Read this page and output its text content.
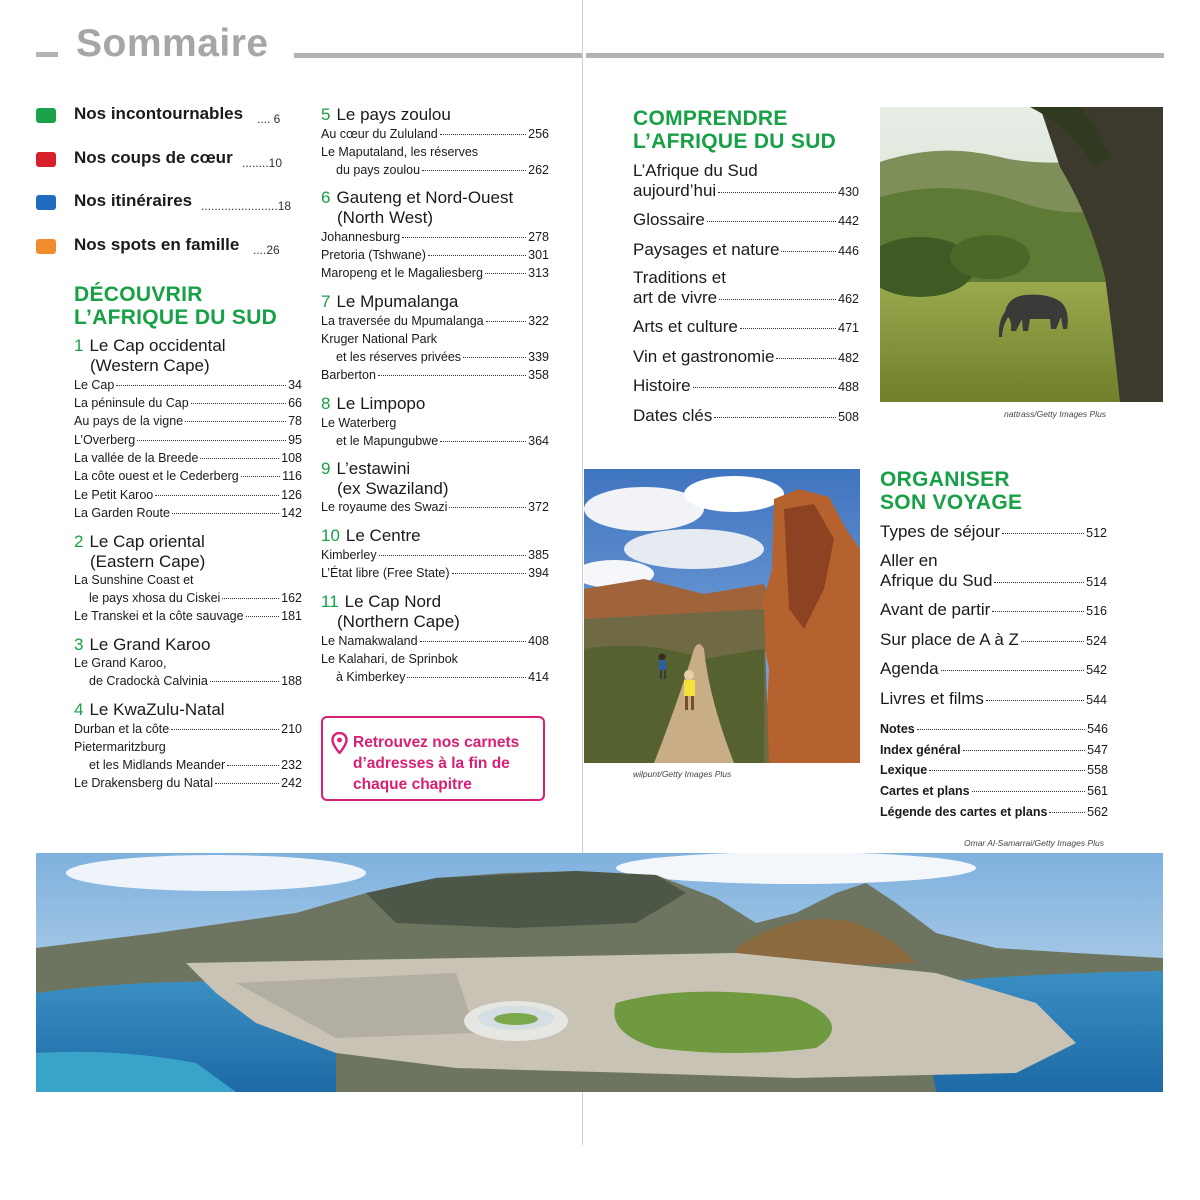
Sommaire
Nos incontournables .... 6
Nos coups de cœur ........ 10
Nos itinéraires ....................... 18
Nos spots en famille .... 26
DÉCOUVRIR
L’AFRIQUE DU SUD
1 Le Cap occidental
(Western Cape)
Le Cap	34
La péninsule du Cap	66
Au pays de la vigne	78
L’Overberg	95
La vallée de la Breede	108
La côte ouest et le Cederberg	116
Le Petit Karoo	126
La Garden Route	142
2 Le Cap oriental
(Eastern Cape)
La Sunshine Coast et
le pays xhosa du Ciskei	162
Le Transkei et la côte sauvage	181
3 Le Grand Karoo
Le Grand Karoo,
de Cradockà Calvinia	188
4 Le KwaZulu-Natal
Durban et la côte	210
Pietermaritzburg
et les Midlands Meander	232
Le Drakensberg du Natal	242
5 Le pays zoulou
Au cœur du Zululand	256
Le Maputaland, les réserves
du pays zoulou	262
6 Gauteng et Nord-Ouest
(North West)
Johannesburg	278
Pretoria (Tshwane)	301
Maropeng et le Magaliesberg	313
7 Le Mpumalanga
La traversée du Mpumalanga	322
Kruger National Park
et les réserves privées	339
Barberton	358
8 Le Limpopo
Le Waterberg
et le Mapungubwe	364
9 L’estawini
(ex Swaziland)
Le royaume des Swazi	372
10 Le Centre
Kimberley	385
L’État libre (Free State)	394
11 Le Cap Nord
(Northern Cape)
Le Namakwaland	408
Le Kalahari, de Sprinbok
à Kimberkey	414
Retrouvez nos carnets d’adresses à la fin de chaque chapitre
COMPRENDRE
L’AFRIQUE DU SUD
L’Afrique du Sud
aujourd’hui	430
Glossaire	442
Paysages et nature	446
Traditions et
art de vivre	462
Arts et culture	471
Vin et gastronomie	482
Histoire	488
Dates clés	508	nattrass/Getty Images Plus
wilpunt/Getty Images Plus
ORGANISER
SON VOYAGE
Types de séjour	512
Aller en
Afrique du Sud	514
Avant de partir	516
Sur place de A à Z	524
Agenda	542
Livres et films	544
Notes	546
Index général	547
Lexique	558
Cartes et plans	561
Légende des cartes et plans	562
Omar Al-Samarrai/Getty Images Plus
